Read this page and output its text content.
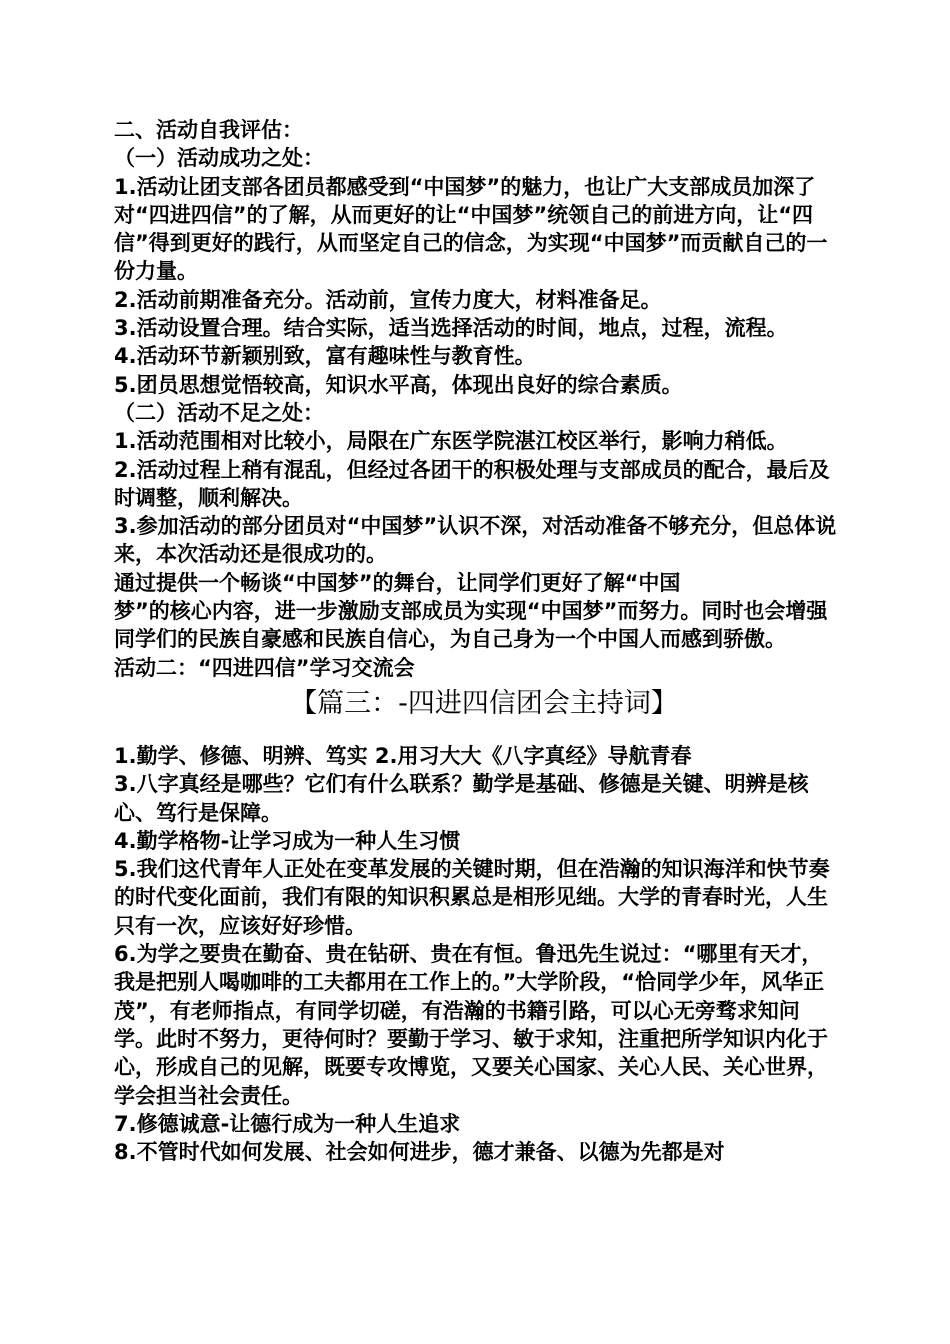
二、活动自我评估：

（一）活动成功之处：

1.活动让团支部各团员都感受到“中国梦”的魅力，也让广大支部成员加深了对“四进四信”的了解，从而更好的让“中国梦”统领自己的前进方向，让“四信”得到更好的践行，从而坚定自己的信念，为实现“中国梦”而贡献自己的一份力量。

2.活动前期准备充分。活动前，宣传力度大，材料准备足。

3.活动设置合理。结合实际，适当选择活动的时间，地点，过程，流程。

4.活动环节新颖别致，富有趣味性与教育性。

5.团员思想觉悟较高，知识水平高，体现出良好的综合素质。

（二）活动不足之处：

1.活动范围相对比较小，局限在广东医学院湛江校区举行，影响力稍低。

2.活动过程上稍有混乱，但经过各团干的积极处理与支部成员的配合，最后及时调整，顺利解决。

3.参加活动的部分团员对“中国梦”认识不深，对活动准备不够充分，但总体说来，本次活动还是很成功的。

通过提供一个畅谈“中国梦”的舞台，让同学们更好了解“中国

梦”的核心内容，进一步激励支部成员为实现“中国梦”而努力。同时也会增强同学们的民族自豪感和民族自信心，为自己身为一个中国人而感到骄傲。

活动二：“四进四信”学习交流会

【篇三：-四进四信团会主持词】

1.勤学、修德、明辨、笃实 2.用习大大《八字真经》导航青春

3.八字真经是哪些？它们有什么联系？勤学是基础、修德是关键、明辨是核心、笃行是保障。

4.勤学格物-让学习成为一种人生习惯

5.我们这代青年人正处在变革发展的关键时期，但在浩瀚的知识海洋和快节奏的时代变化面前，我们有限的知识积累总是相形见绌。大学的青春时光，人生只有一次，应该好好珍惜。

6.为学之要贵在勤奋、贵在钻研、贵在有恒。鲁迅先生说过：“哪里有天才，我是把别人喝咖啡的工夫都用在工作上的。”大学阶段，“恰同学少年，风华正茂”，有老师指点，有同学切磋，有浩瀚的书籍引路，可以心无旁骛求知问学。此时不努力，更待何时？要勤于学习、敏于求知，注重把所学知识内化于心，形成自己的见解，既要专攻博览，又要关心国家、关心人民、关心世界，学会担当社会责任。

7.修德诚意-让德行成为一种人生追求

8.不管时代如何发展、社会如何进步，德才兼备、以德为先都是对
